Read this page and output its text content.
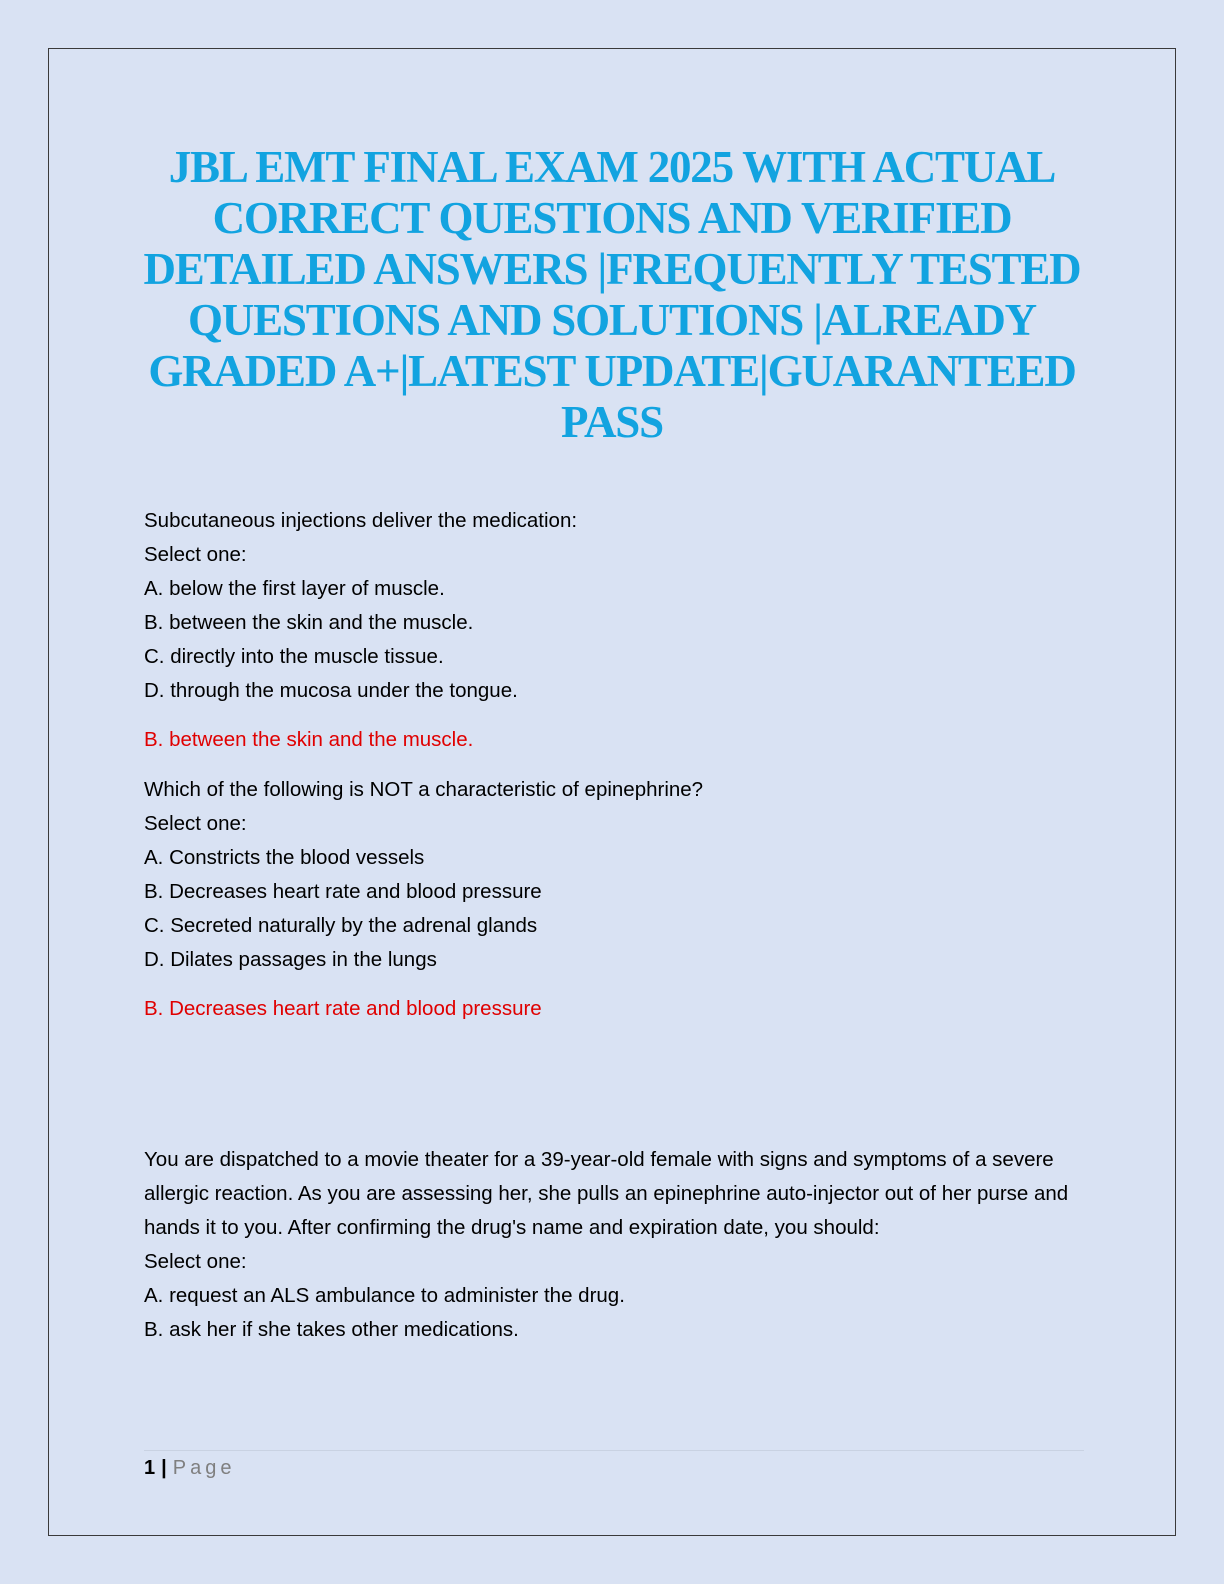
JBL EMT FINAL EXAM 2025 WITH ACTUAL CORRECT QUESTIONS AND VERIFIED DETAILED ANSWERS |FREQUENTLY TESTED QUESTIONS AND SOLUTIONS |ALREADY GRADED A+|LATEST UPDATE|GUARANTEED PASS
Subcutaneous injections deliver the medication:
Select one:
A. below the first layer of muscle.
B. between the skin and the muscle.
C. directly into the muscle tissue.
D. through the mucosa under the tongue.
B. between the skin and the muscle.
Which of the following is NOT a characteristic of epinephrine?
Select one:
A. Constricts the blood vessels
B. Decreases heart rate and blood pressure
C. Secreted naturally by the adrenal glands
D. Dilates passages in the lungs
B. Decreases heart rate and blood pressure
You are dispatched to a movie theater for a 39-year-old female with signs and symptoms of a severe allergic reaction. As you are assessing her, she pulls an epinephrine auto-injector out of her purse and hands it to you. After confirming the drug's name and expiration date, you should:
Select one:
A. request an ALS ambulance to administer the drug.
B. ask her if she takes other medications.
1 | Page
